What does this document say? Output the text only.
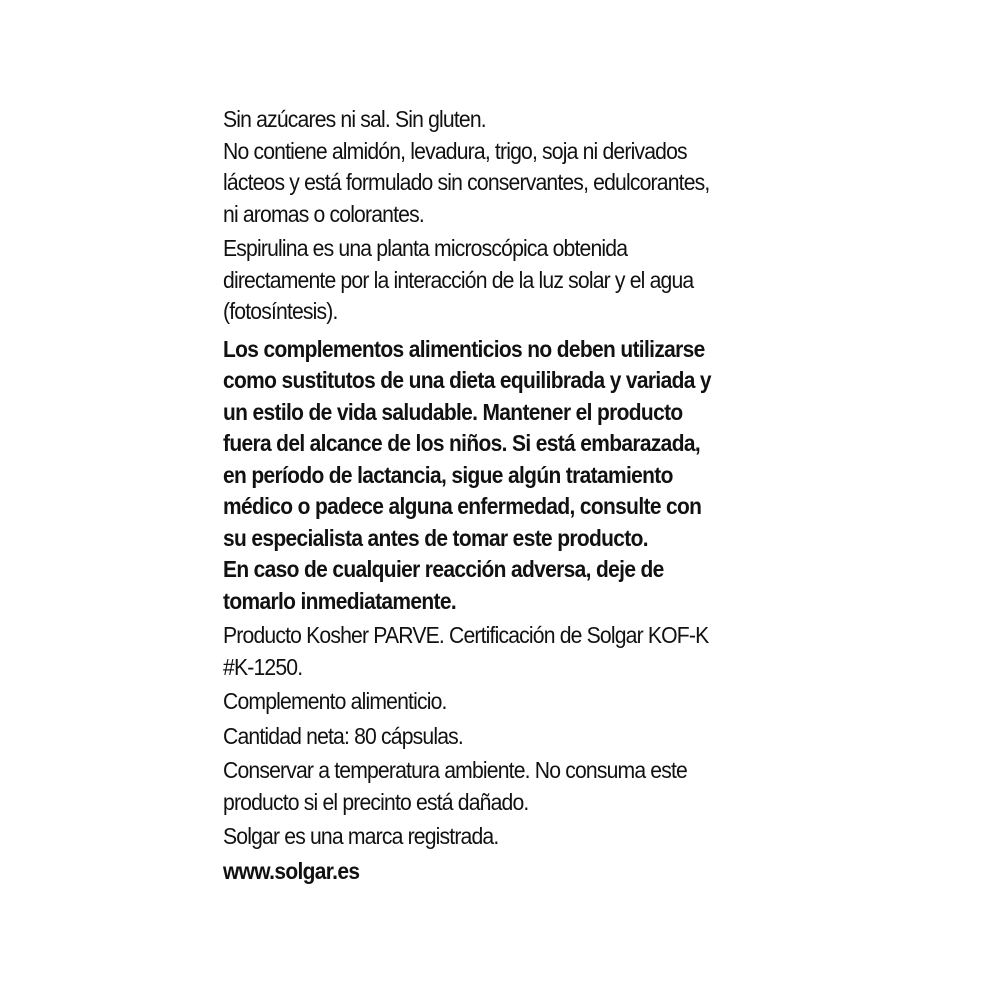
Sin azúcares ni sal. Sin gluten.

No contiene almidón, levadura, trigo, soja ni derivados
lácteos y está formulado sin conservantes, edulcorantes,
ni aromas o colorantes.

Espirulina es una planta microscópica obtenida
directamente por la interacción de la luz solar y el agua
(fotosíntesis).

Los complementos alimenticios no deben utilizarse
como sustitutos de una dieta equilibrada y variada y
un estilo de vida saludable. Mantener el producto
fuera del alcance de los niños. Si está embarazada,
en período de lactancia, sigue algún tratamiento
médico o padece alguna enfermedad, consulte con
su especialista antes de tomar este producto.
En caso de cualquier reacción adversa, deje de
tomarlo inmediatamente.

Producto Kosher PARVE. Certificación de Solgar KOF-K
#K-1250.

Complemento alimenticio.

Cantidad neta: 80 cápsulas.

Conservar a temperatura ambiente. No consuma este
producto si el precinto está dañado.

Solgar es una marca registrada.

www.solgar.es
